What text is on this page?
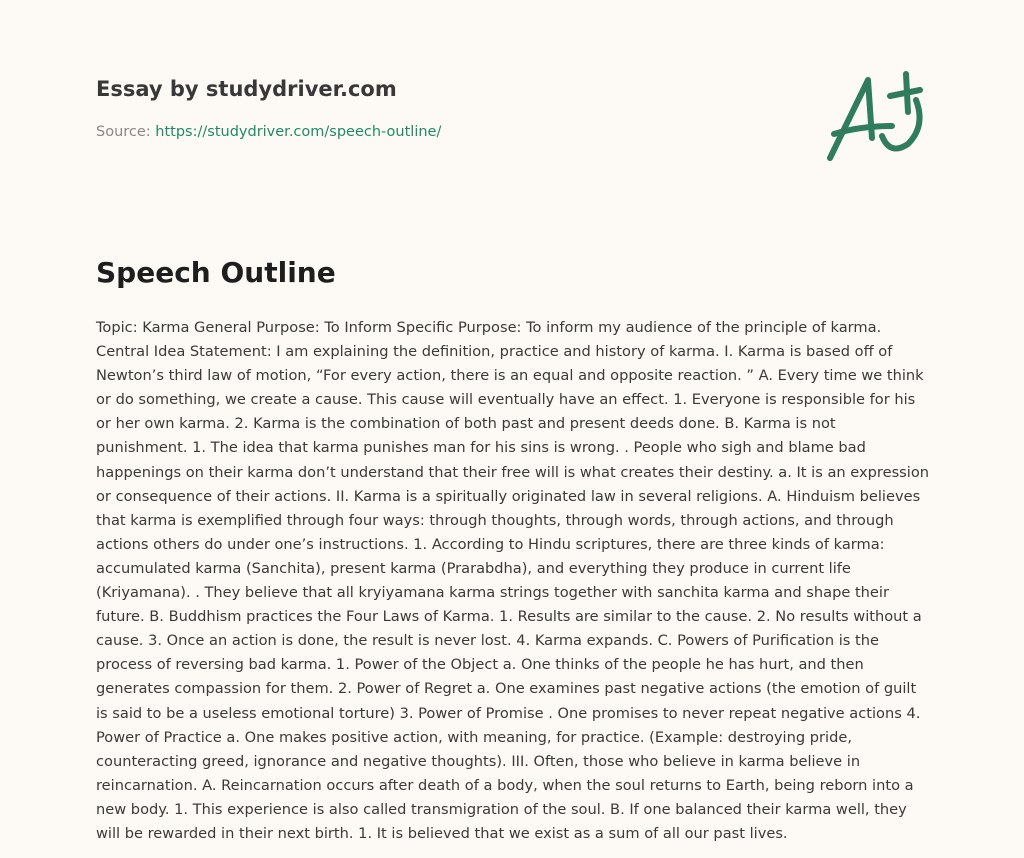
Essay by studydriver.com
Source: https://studydriver.com/speech-outline/
Speech Outline
Topic: Karma General Purpose: To Inform Specific Purpose: To inform my audience of the principle of karma.
Central Idea Statement: I am explaining the definition, practice and history of karma. I. Karma is based off of
Newton’s third law of motion, “For every action, there is an equal and opposite reaction. ” A. Every time we think
or do something, we create a cause. This cause will eventually have an effect. 1. Everyone is responsible for his
or her own karma. 2. Karma is the combination of both past and present deeds done. B. Karma is not
punishment. 1. The idea that karma punishes man for his sins is wrong. . People who sigh and blame bad
happenings on their karma don’t understand that their free will is what creates their destiny. a. It is an expression
or consequence of their actions. II. Karma is a spiritually originated law in several religions. A. Hinduism believes
that karma is exemplified through four ways: through thoughts, through words, through actions, and through
actions others do under one’s instructions. 1. According to Hindu scriptures, there are three kinds of karma:
accumulated karma (Sanchita), present karma (Prarabdha), and everything they produce in current life
(Kriyamana). . They believe that all kryiyamana karma strings together with sanchita karma and shape their
future. B. Buddhism practices the Four Laws of Karma. 1. Results are similar to the cause. 2. No results without a
cause. 3. Once an action is done, the result is never lost. 4. Karma expands. C. Powers of Purification is the
process of reversing bad karma. 1. Power of the Object a. One thinks of the people he has hurt, and then
generates compassion for them. 2. Power of Regret a. One examines past negative actions (the emotion of guilt
is said to be a useless emotional torture) 3. Power of Promise . One promises to never repeat negative actions 4.
Power of Practice a. One makes positive action, with meaning, for practice. (Example: destroying pride,
counteracting greed, ignorance and negative thoughts). III. Often, those who believe in karma believe in
reincarnation. A. Reincarnation occurs after death of a body, when the soul returns to Earth, being reborn into a
new body. 1. This experience is also called transmigration of the soul. B. If one balanced their karma well, they
will be rewarded in their next birth. 1. It is believed that we exist as a sum of all our past lives.
